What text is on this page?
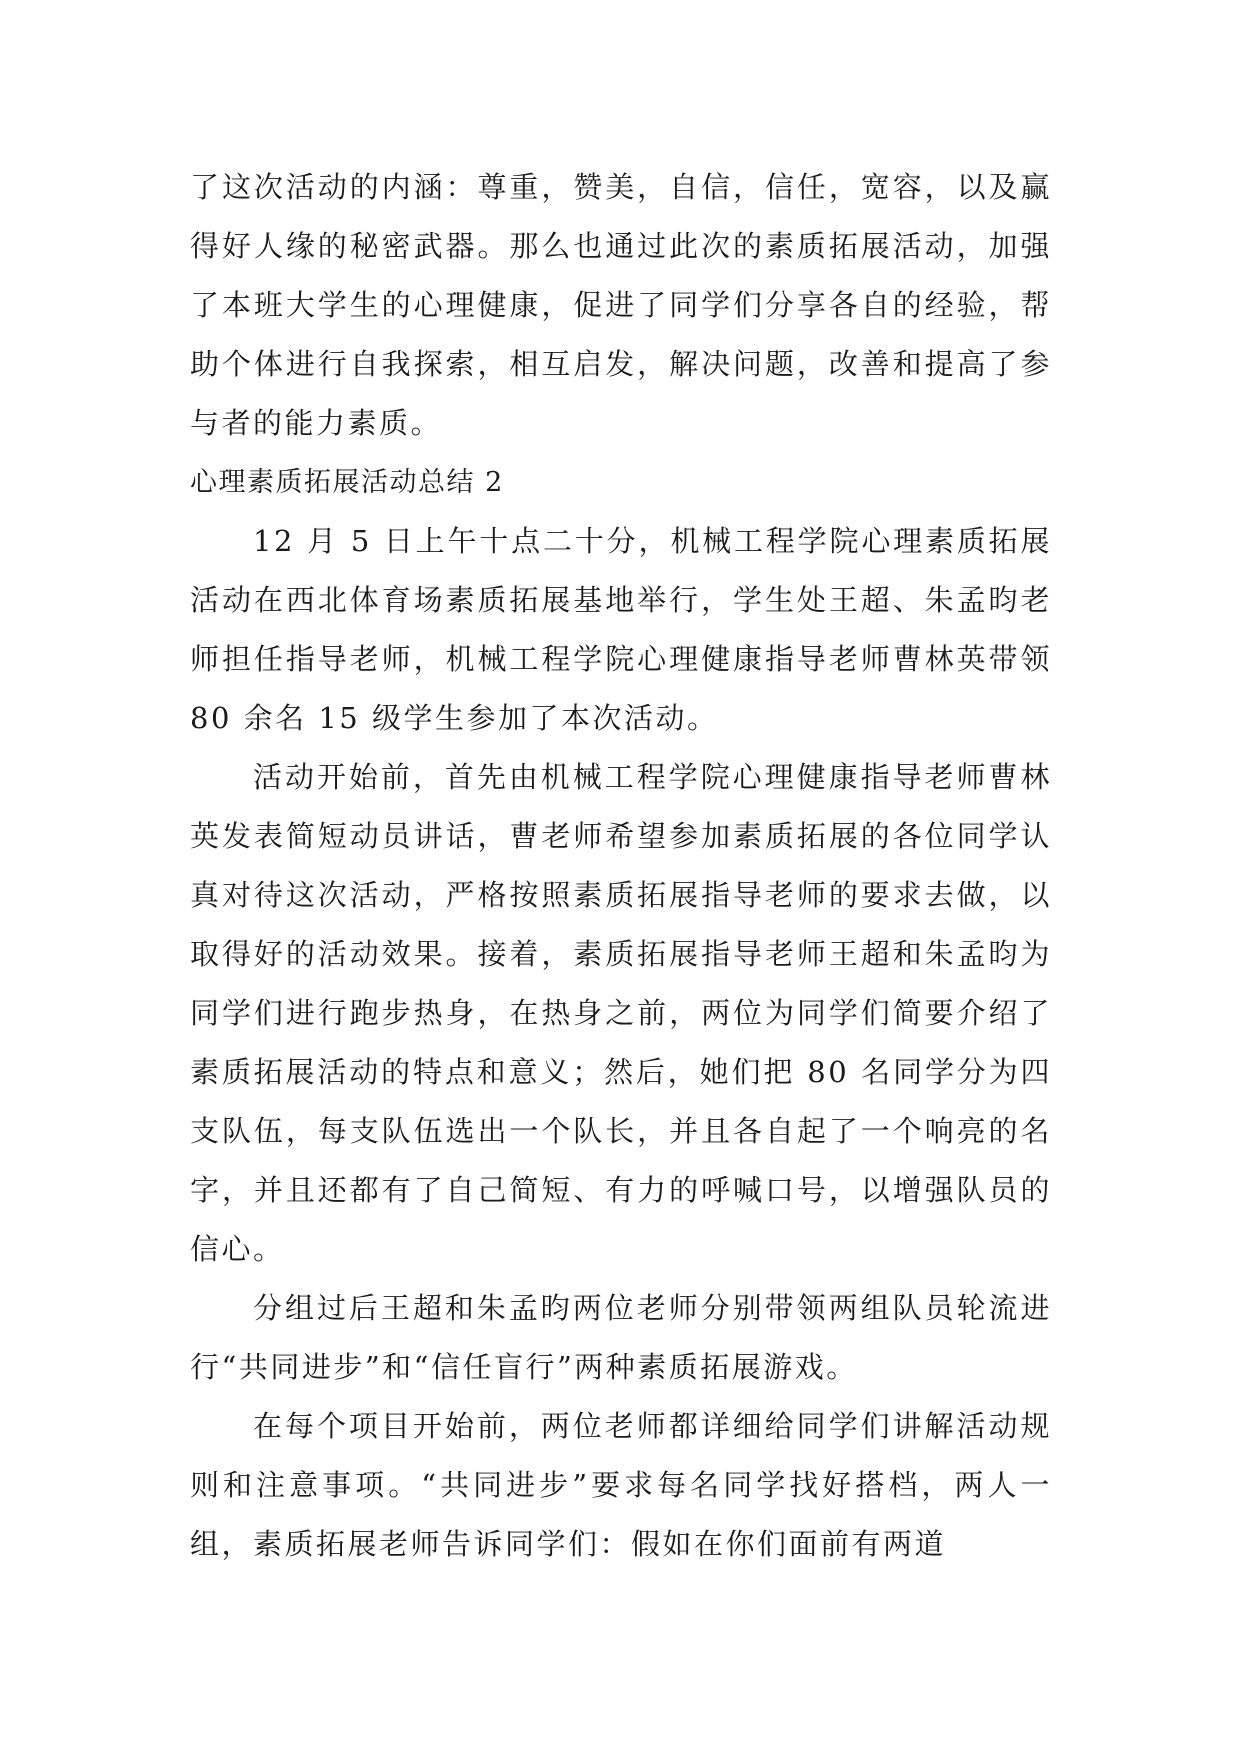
了这次活动的内涵：尊重，赞美，自信，信任，宽容，以及赢得好人缘的秘密武器。那么也通过此次的素质拓展活动，加强了本班大学生的心理健康，促进了同学们分享各自的经验，帮助个体进行自我探索，相互启发，解决问题，改善和提高了参与者的能力素质。

心理素质拓展活动总结 2

12 月 5 日上午十点二十分，机械工程学院心理素质拓展活动在西北体育场素质拓展基地举行，学生处王超、朱孟昀老师担任指导老师，机械工程学院心理健康指导老师曹林英带领 80 余名 15 级学生参加了本次活动。

活动开始前，首先由机械工程学院心理健康指导老师曹林英发表简短动员讲话，曹老师希望参加素质拓展的各位同学认真对待这次活动，严格按照素质拓展指导老师的要求去做，以取得好的活动效果。接着，素质拓展指导老师王超和朱孟昀为同学们进行跑步热身，在热身之前，两位为同学们简要介绍了素质拓展活动的特点和意义；然后，她们把 80 名同学分为四支队伍，每支队伍选出一个队长，并且各自起了一个响亮的名字，并且还都有了自己简短、有力的呼喊口号，以增强队员的信心。

分组过后王超和朱孟昀两位老师分别带领两组队员轮流进行“共同进步”和“信任盲行”两种素质拓展游戏。

在每个项目开始前，两位老师都详细给同学们讲解活动规则和注意事项。“共同进步”要求每名同学找好搭档，两人一组，素质拓展老师告诉同学们：假如在你们面前有两道
